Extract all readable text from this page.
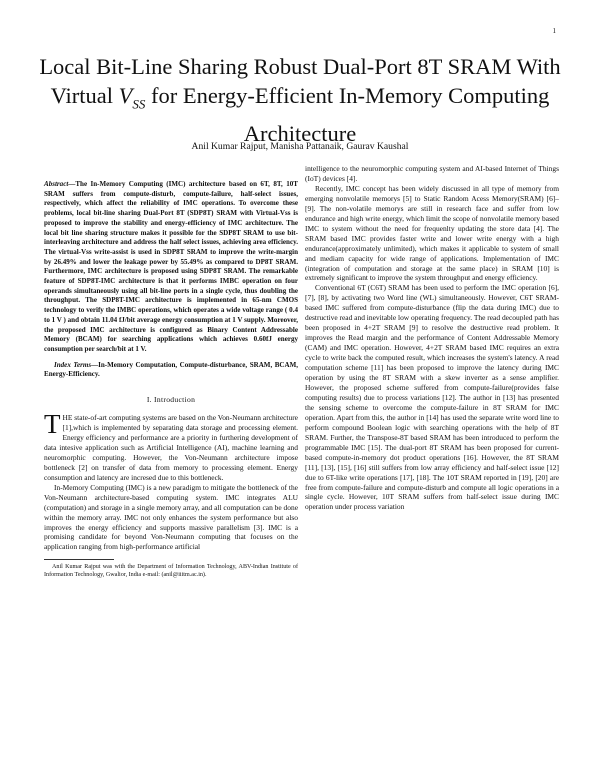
1
Local Bit-Line Sharing Robust Dual-Port 8T SRAM With Virtual $V_{SS}$ for Energy-Efficient In-Memory Computing Architecture
Anil Kumar Rajput, Manisha Pattanaik, Gaurav Kaushal

Abstract—The In-Memory Computing (IMC) architecture based on 6T, 8T, 10T SRAM suffers from compute-disturb, compute-failure, half-select issues, respectively, which affect the reliability of IMC operations. To overcome these problems, local bit-line sharing Dual-Port 8T (SDP8T) SRAM with Virtual-Vss is proposed to improve the stability and energy-efficiency of IMC architecture. The local bit line sharing structure makes it possible for the SDP8T SRAM to use bit-interleaving architecture and address the half select issues, achieving area efficiency. The virtual-Vss write-assist is used in SDP8T SRAM to improve the write-margin by 26.49% and lower the leakage power by 55.49% as compared to DP8T SRAM. Furthermore, IMC architecture is proposed using SDP8T SRAM. The remarkable feature of SDP8T-IMC architecture is that it performs IMBC operation on four operands simultaneously using all bit-line ports in a single cycle, thus doubling the throughput. The SDP8T-IMC architecture is implemented in 65-nm CMOS technology to verify the IMBC operations, which operates a wide voltage range ( 0.4 to 1 V ) and obtain 11.04 fJ/bit average energy consumption at 1 V supply. Moreover, the proposed IMC architecture is configured as Binary Content Addressable Memory (BCAM) for searching applications which achieves 0.60fJ energy consumption per search/bit at 1 V.

Index Terms—In-Memory Computation, Compute-disturbance, SRAM, BCAM, Energy-Efficiency.

I. Introduction

THE state-of-art computing systems are based on the Von-Neumann architecture [1],which is implemented by separating data storage and processing element. Energy efficiency and performance are a priority in furthering development of data intesive application such as Artificial Intelligence (AI), machine learning and neuromorphic computing. However, the Von-Neumann architecture impose bottleneck [2] on transfer of data from memory to processing element. Energy consumption and latency are incresed due to this bottleneck.

In-Memory Computing (IMC) is a new paradigm to mitigate the bottleneck of the Von-Neumann architecture-based computing system. IMC integrates ALU (computation) and storage in a single memory array, and all computation can be done within the memory array. IMC not only enhances the system performance but also improves the energy efficiency and supports massive parallelism [3]. IMC is a promising candidate for beyond Von-Neumann computing that focuses on the application ranging from high-performance artificial

Anil Kumar Rajput was with the Department of Information Technology, ABV-Indian Institute of Information Technology, Gwalior, India e-mail: (anil@iiitm.ac.in).

intelligence to the neuromorphic computing system and AI-based Internet of Things (IoT) devices [4].

Recently, IMC concept has been widely discussed in all type of memory from emerging nonvolatile memorys [5] to Static Random Acess Memory(SRAM) [6]–[9]. The non-volatile memorys are still in research face and suffer from low endurance and high write energy, which limit the scope of nonvolatile memory based IMC to system without the need for frequenlty updating the store data [4]. The SRAM based IMC provides faster write and lower write energy with a high endurance(approximately unlimited), which makes it applicable to system of small and mediam capacity for wide range of applications. Implementation of IMC (integration of computation and storage at the same place) in SRAM [10] is extremely significant to improve the system throughput and energy efficiency.

Conventional 6T (C6T) SRAM has been used to perform the IMC operation [6], [7], [8], by activating two Word line (WL) simultaneously. However, C6T SRAM-based IMC suffered from compute-disturbance (flip the data during IMC) due to destructive read and inevitable low operating frequency. The read decoupled path has been proposed in 4+2T SRAM [9] to resolve the destructive read problem. It improves the Read margin and the performance of Content Addressable Memory (CAM) and IMC operation. However, 4+2T SRAM based IMC requires an extra cycle to write back the computed result, which increases the system's latency. A read computation scheme [11] has been proposed to improve the latency during IMC operation by using the 8T SRAM with a skew inverter as a sense amplifier. However, the proposed scheme suffered from compute-failure(provides false computing results) due to process variations [12]. The author in [13] has presented the sensing scheme to overcome the compute-failure in 8T SRAM for IMC operation. Apart from this, the author in [14] has used the separate write word line to perform compound Boolean logic with searching operations with the help of 8T SRAM. Further, the Transpose-8T based SRAM has been introduced to perform the programmable IMC [15]. The dual-port 8T SRAM has been proposed for current-based compute-in-memory dot product operations [16]. However, the 8T SRAM [11], [13], [15], [16] still suffers from low array efficiency and half-select issue [12] due to 6T-like write operations [17], [18]. The 10T SRAM reported in [19], [20] are free from compute-failure and compute-disturb and compute all logic operations in a single cycle. However, 10T SRAM suffers from half-select issue during IMC operation under process variation
